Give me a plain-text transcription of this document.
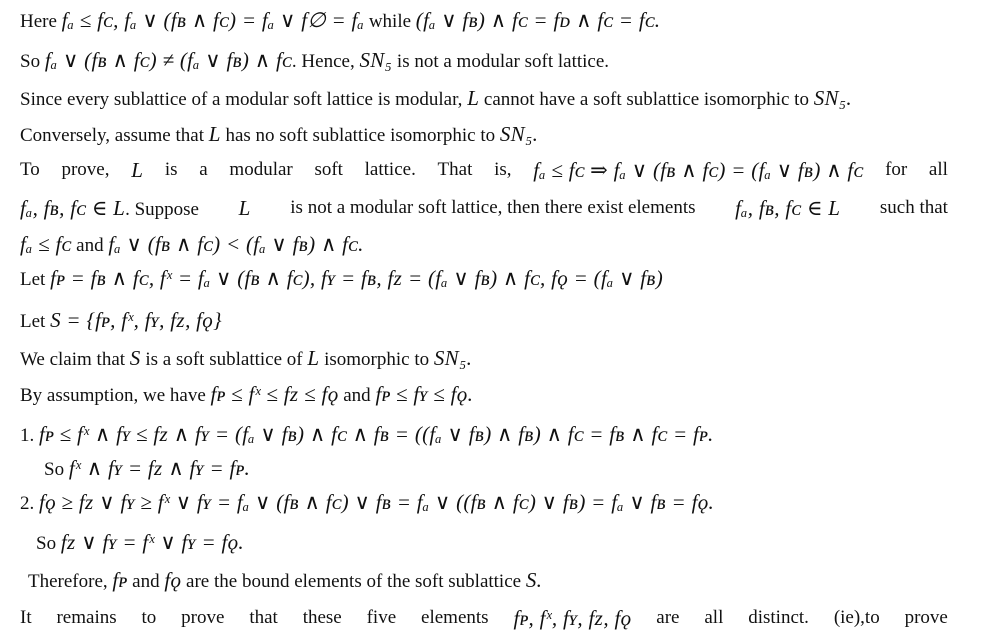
Here fₐ ≤ fᴄ, fₐ ∨ (fʙ ∧ fᴄ) = fₐ ∨ f∅ = fₐ while (fₐ ∨ fʙ) ∧ fᴄ = fᴅ ∧ fᴄ = fᴄ.
So fₐ ∨ (fʙ ∧ fᴄ) ≠ (fₐ ∨ fʙ) ∧ fᴄ. Hence, SN₅ is not a modular soft lattice.
Since every sublattice of a modular soft lattice is modular, L cannot have a soft sublattice isomorphic to SN₅.
Conversely, assume that L has no soft sublattice isomorphic to SN₅.
To prove, L is a modular soft lattice. That is, fₐ ≤ fᴄ ⇒ fₐ ∨ (fʙ ∧ fᴄ) = (fₐ ∨ fʙ) ∧ fᴄ for all
fₐ, fʙ, fᴄ ∈ L. Suppose L is not a modular soft lattice, then there exist elements fₐ, fʙ, fᴄ ∈ L such that
fₐ ≤ fᴄ and fₐ ∨ (fʙ ∧ fᴄ) < (fₐ ∨ fʙ) ∧ fᴄ.
Let fᴘ = fʙ ∧ fᴄ, fˣ = fₐ ∨ (fʙ ∧ fᴄ), fʏ = fʙ, fᴢ = (fₐ ∨ fʙ) ∧ fᴄ, fǫ = (fₐ ∨ fʙ)
Let S = {fᴘ, fˣ, fʏ, fᴢ, fǫ}
We claim that S is a soft sublattice of L isomorphic to SN₅.
By assumption, we have fᴘ ≤ fˣ ≤ fᴢ ≤ fǫ and fᴘ ≤ fʏ ≤ fǫ.
1. fᴘ ≤ fˣ ∧ fʏ ≤ fᴢ ∧ fʏ = (fₐ ∨ fʙ) ∧ fᴄ ∧ fʙ = ((fₐ ∨ fʙ) ∧ fʙ) ∧ fᴄ = fʙ ∧ fᴄ = fᴘ.
So fˣ ∧ fʏ = fᴢ ∧ fʏ = fᴘ.
2. fǫ ≥ fᴢ ∨ fʏ ≥ fˣ ∨ fʏ = fₐ ∨ (fʙ ∧ fᴄ) ∨ fʙ = fₐ ∨ ((fʙ ∧ fᴄ) ∨ fʙ) = fₐ ∨ fʙ = fǫ.
So fᴢ ∨ fʏ = fˣ ∨ fʏ = fǫ.
Therefore, fᴘ and fǫ are the bound elements of the soft sublattice S.
It remains to prove that these five elements fᴘ, fˣ, fʏ, fᴢ, fǫ are all distinct. (ie),to prove
